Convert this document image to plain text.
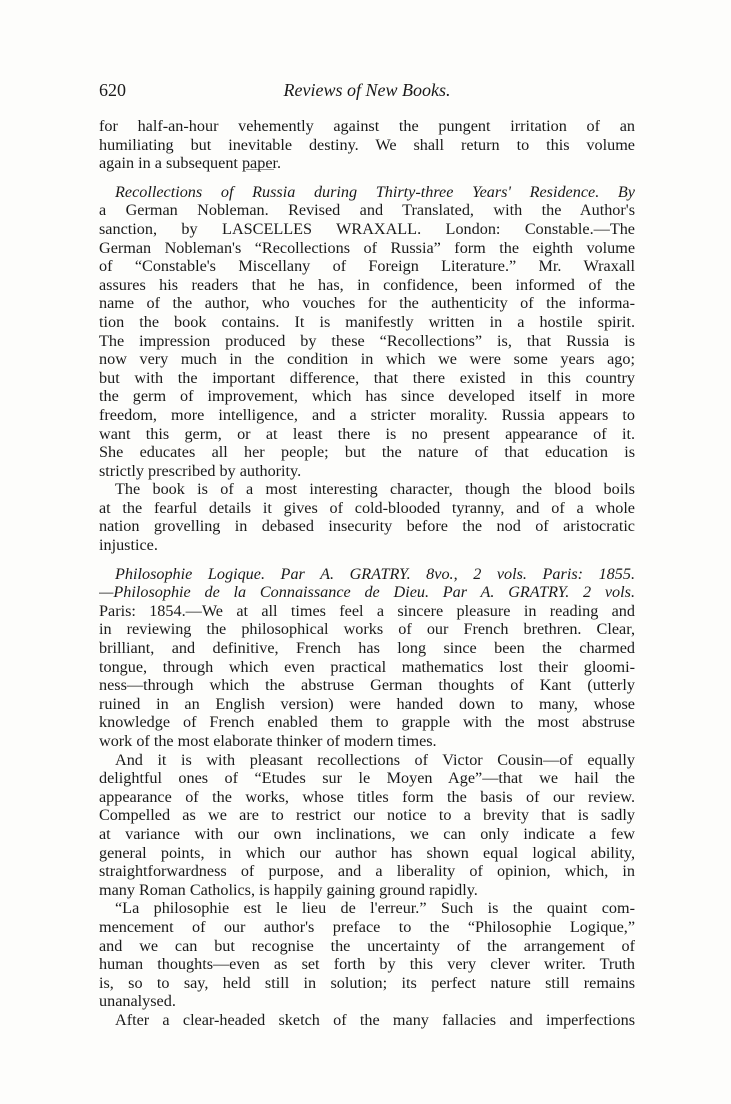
620	Reviews of New Books.
for half-an-hour vehemently against the pungent irritation of an
humiliating but inevitable destiny. We shall return to this volume
again in a subsequent paper.
Recollections of Russia during Thirty-three Years' Residence. By
a German Nobleman. Revised and Translated, with the Author's
sanction, by LASCELLES WRAXALL. London: Constable.—The
German Nobleman's “Recollections of Russia” form the eighth volume
of “Constable's Miscellany of Foreign Literature.” Mr. Wraxall
assures his readers that he has, in confidence, been informed of the
name of the author, who vouches for the authenticity of the informa-
tion the book contains. It is manifestly written in a hostile spirit.
The impression produced by these “Recollections” is, that Russia is
now very much in the condition in which we were some years ago;
but with the important difference, that there existed in this country
the germ of improvement, which has since developed itself in more
freedom, more intelligence, and a stricter morality. Russia appears to
want this germ, or at least there is no present appearance of it.
She educates all her people; but the nature of that education is
strictly prescribed by authority.
The book is of a most interesting character, though the blood boils
at the fearful details it gives of cold-blooded tyranny, and of a whole
nation grovelling in debased insecurity before the nod of aristocratic
injustice.
Philosophie Logique. Par A. GRATRY. 8vo., 2 vols. Paris: 1855.
—Philosophie de la Connaissance de Dieu. Par A. GRATRY. 2 vols.
Paris: 1854.—We at all times feel a sincere pleasure in reading and
in reviewing the philosophical works of our French brethren. Clear,
brilliant, and definitive, French has long since been the charmed
tongue, through which even practical mathematics lost their gloomi-
ness—through which the abstruse German thoughts of Kant (utterly
ruined in an English version) were handed down to many, whose
knowledge of French enabled them to grapple with the most abstruse
work of the most elaborate thinker of modern times.
And it is with pleasant recollections of Victor Cousin—of equally
delightful ones of “Etudes sur le Moyen Age”—that we hail the
appearance of the works, whose titles form the basis of our review.
Compelled as we are to restrict our notice to a brevity that is sadly
at variance with our own inclinations, we can only indicate a few
general points, in which our author has shown equal logical ability,
straightforwardness of purpose, and a liberality of opinion, which, in
many Roman Catholics, is happily gaining ground rapidly.
“La philosophie est le lieu de l'erreur.” Such is the quaint com-
mencement of our author's preface to the “Philosophie Logique,”
and we can but recognise the uncertainty of the arrangement of
human thoughts—even as set forth by this very clever writer. Truth
is, so to say, held still in solution; its perfect nature still remains
unanalysed.
After a clear-headed sketch of the many fallacies and imperfections
